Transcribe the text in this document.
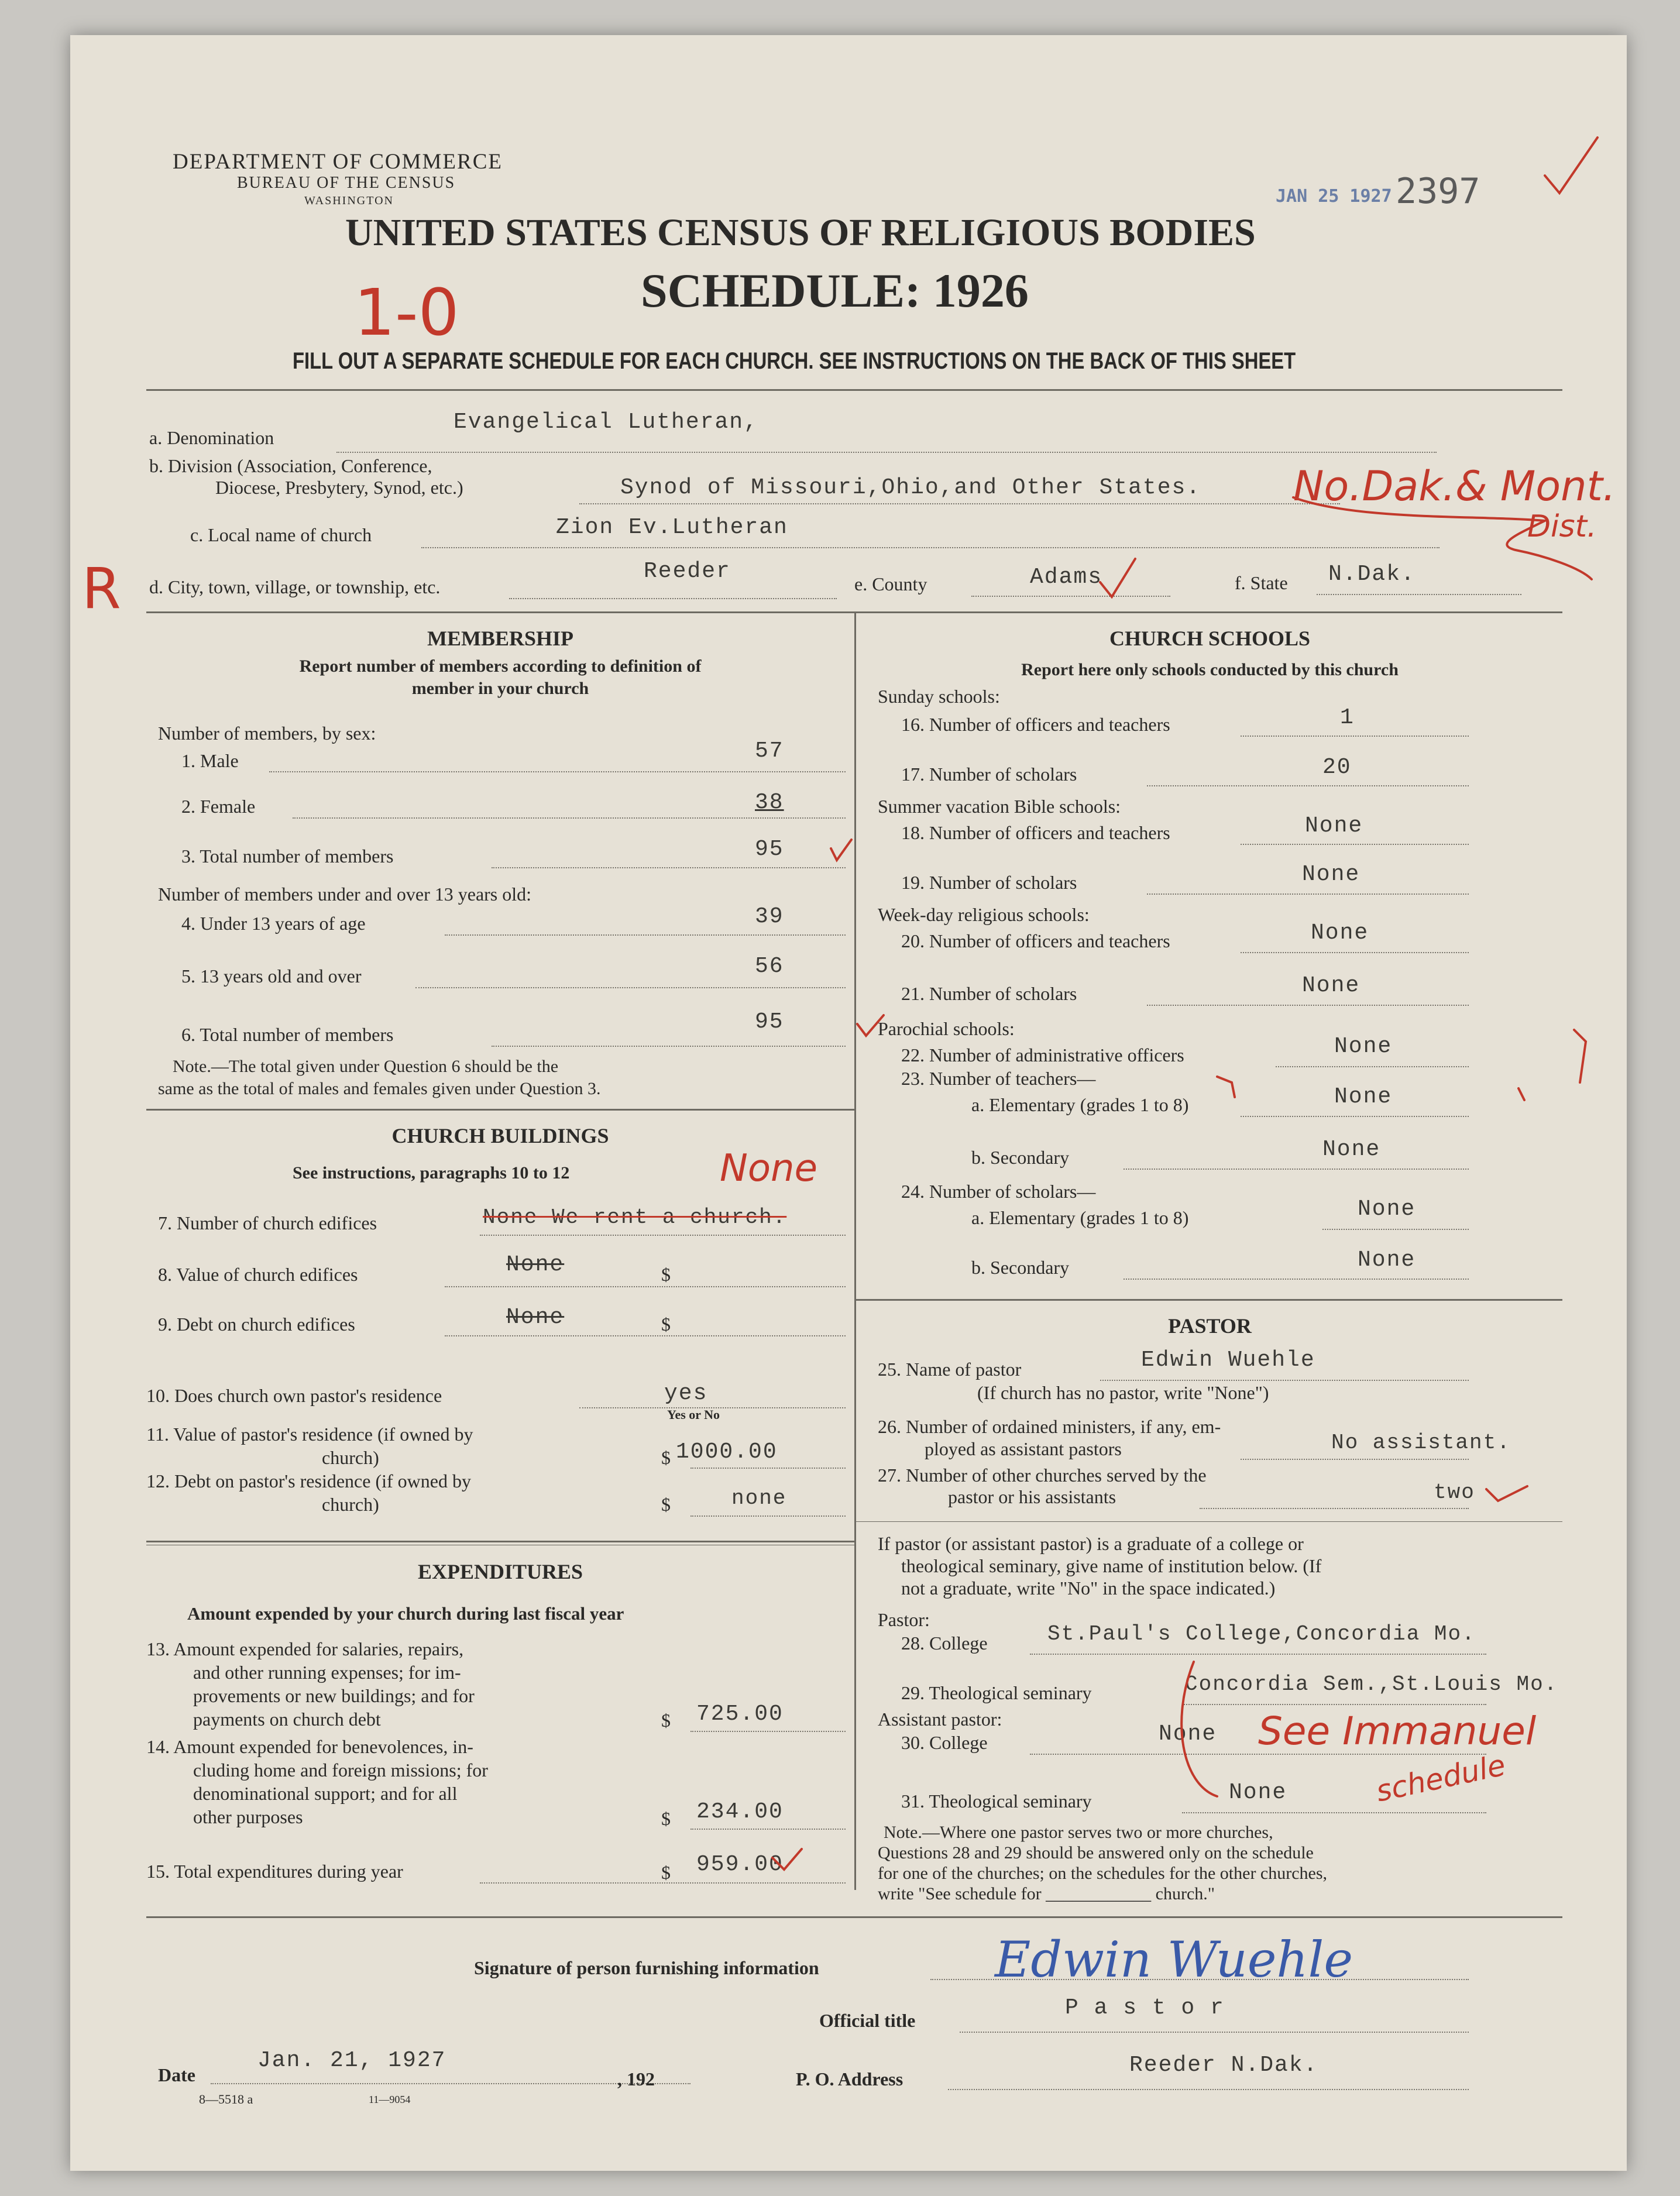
DEPARTMENT OF COMMERCE
BUREAU OF THE CENSUS
WASHINGTON
UNITED STATES CENSUS OF RELIGIOUS BODIES
SCHEDULE: 1926
JAN 25 1927 2397
1-0
FILL OUT A SEPARATE SCHEDULE FOR EACH CHURCH. SEE INSTRUCTIONS ON THE BACK OF THIS SHEET
a. Denomination
Evangelical Lutheran,
b. Division (Association, Conference,
Diocese, Presbytery, Synod, etc.)	Synod of Missouri,Ohio,and Other States. No.Dak.& Mont.
Dist.
c. Local name of church	Zion Ev.Lutheran
R d. City, town, village, or township, etc.
Reeder	e. County	Adams	f. State N.Dak.
MEMBERSHIP
Report number of members according to definition of
member in your church
Number of members, by sex:
1. Male	57
2. Female	38
3. Total number of members	95
Number of members under and over 13 years old:
4. Under 13 years of age	39
5. 13 years old and over	56
6. Total number of members	95
Note.—The total given under Question 6 should be the
same as the total of males and females given under Question 3.
CHURCH BUILDINGS
See instructions, paragraphs 10 to 12	None
7. Number of church edifices	None We rent a church.
8. Value of church edifices	None	$
9. Debt on church edifices	None	$
10. Does church own pastor's residence	yes
Yes or No
11. Value of pastor's residence (if owned by
church)	$ 1000.00
12. Debt on pastor's residence (if owned by
church)	$	none
EXPENDITURES
Amount expended by your church during last fiscal year
13. Amount expended for salaries, repairs,
and other running expenses; for im-
provements or new buildings; and for
payments on church debt	$ 725.00
14. Amount expended for benevolences, in-
cluding home and foreign missions; for
denominational support; and for all
other purposes	$ 234.00
15. Total expenditures during year	$ 959.00
CHURCH SCHOOLS
Report here only schools conducted by this church
Sunday schools:
16. Number of officers and teachers	1
17. Number of scholars	20
Summer vacation Bible schools:
18. Number of officers and teachers	None
19. Number of scholars	None
Week-day religious schools:
20. Number of officers and teachers	None
21. Number of scholars	None
Parochial schools:
22. Number of administrative officers	None
23. Number of teachers—
a. Elementary (grades 1 to 8)	None
b. Secondary	None
24. Number of scholars—
a. Elementary (grades 1 to 8)	None
b. Secondary	None
PASTOR
25. Name of pastor	Edwin Wuehle
(If church has no pastor, write "None")
26. Number of ordained ministers, if any, em-
ployed as assistant pastors	No assistant.
27. Number of other churches served by the
pastor or his assistants	two
If pastor (or assistant pastor) is a graduate of a college or
theological seminary, give name of institution below. (If
not a graduate, write "No" in the space indicated.)
Pastor:
28. College	St.Paul's College,Concordia Mo.
29. Theological seminary	Concordia Sem.,St.Louis Mo.
Assistant pastor:
30. College	None
31. Theological seminary	None
See Immanuel
schedule
Note.—Where one pastor serves two or more churches,
Questions 28 and 29 should be answered only on the schedule
for one of the churches; on the schedules for the other churches,
write "See schedule for ____________ church."
Signature of person furnishing information	Edwin Wuehle
Official title	P a s t o r
Date
Jan. 21, 1927
, 192	P. O. Address
Reeder N.Dak.
8—5518 a	11—9054
